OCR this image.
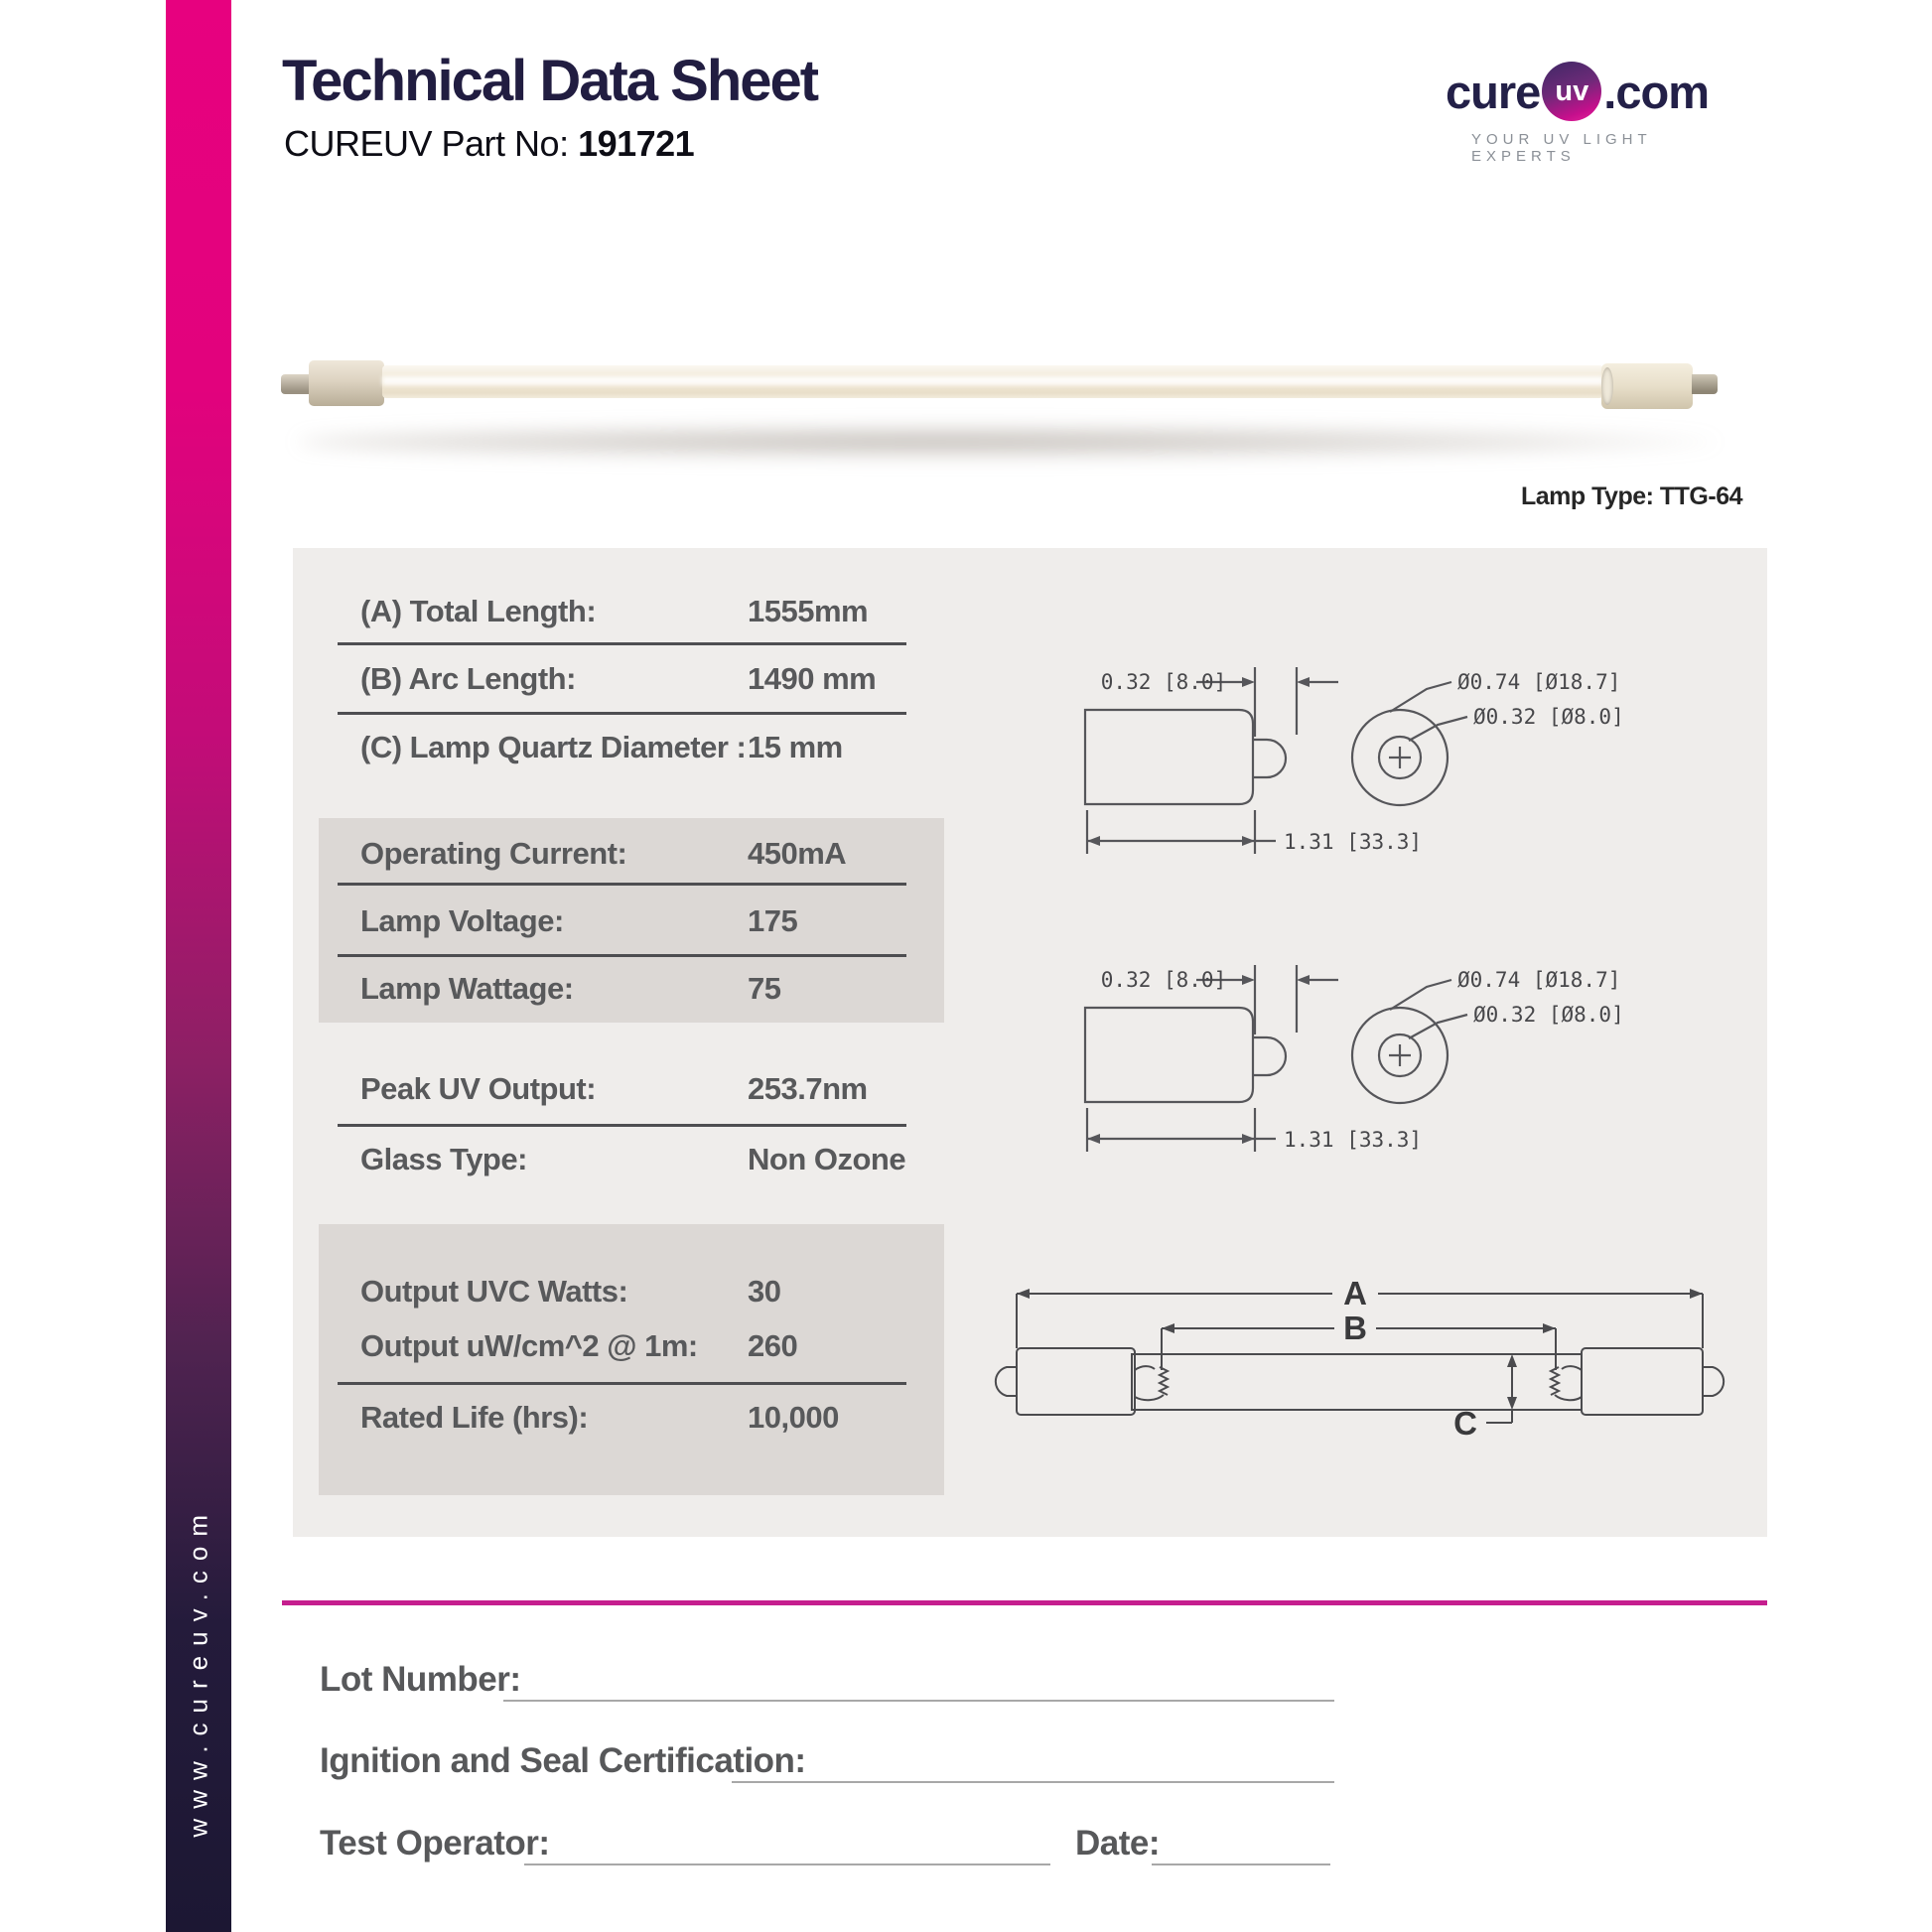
www.cureuv.com
Technical Data Sheet
CUREUV Part No: 191721
cure uv .com
YOUR UV LIGHT EXPERTS
Lamp Type: TTG-64
(A) Total Length:	1555mm
(B) Arc Length:	1490 mm
(C) Lamp Quartz Diameter : 15 mm
Operating Current:	450mA
Lamp Voltage:	175
Lamp Wattage:	75
Peak UV Output:	253.7nm
Glass Type:	Non Ozone
Output UVC Watts:	30
Output uW/cm^2 @ 1m: 260
Rated Life (hrs):	10,000
0.32 [8.0]
1.31 [33.3]
Ø0.74 [Ø18.7]
Ø0.32 [Ø8.0]
0.32 [8.0]
1.31 [33.3]
Ø0.74 [Ø18.7]
Ø0.32 [Ø8.0]
A
B
C
Lot Number:
Ignition and Seal Certification:
Test Operator:	Date:
